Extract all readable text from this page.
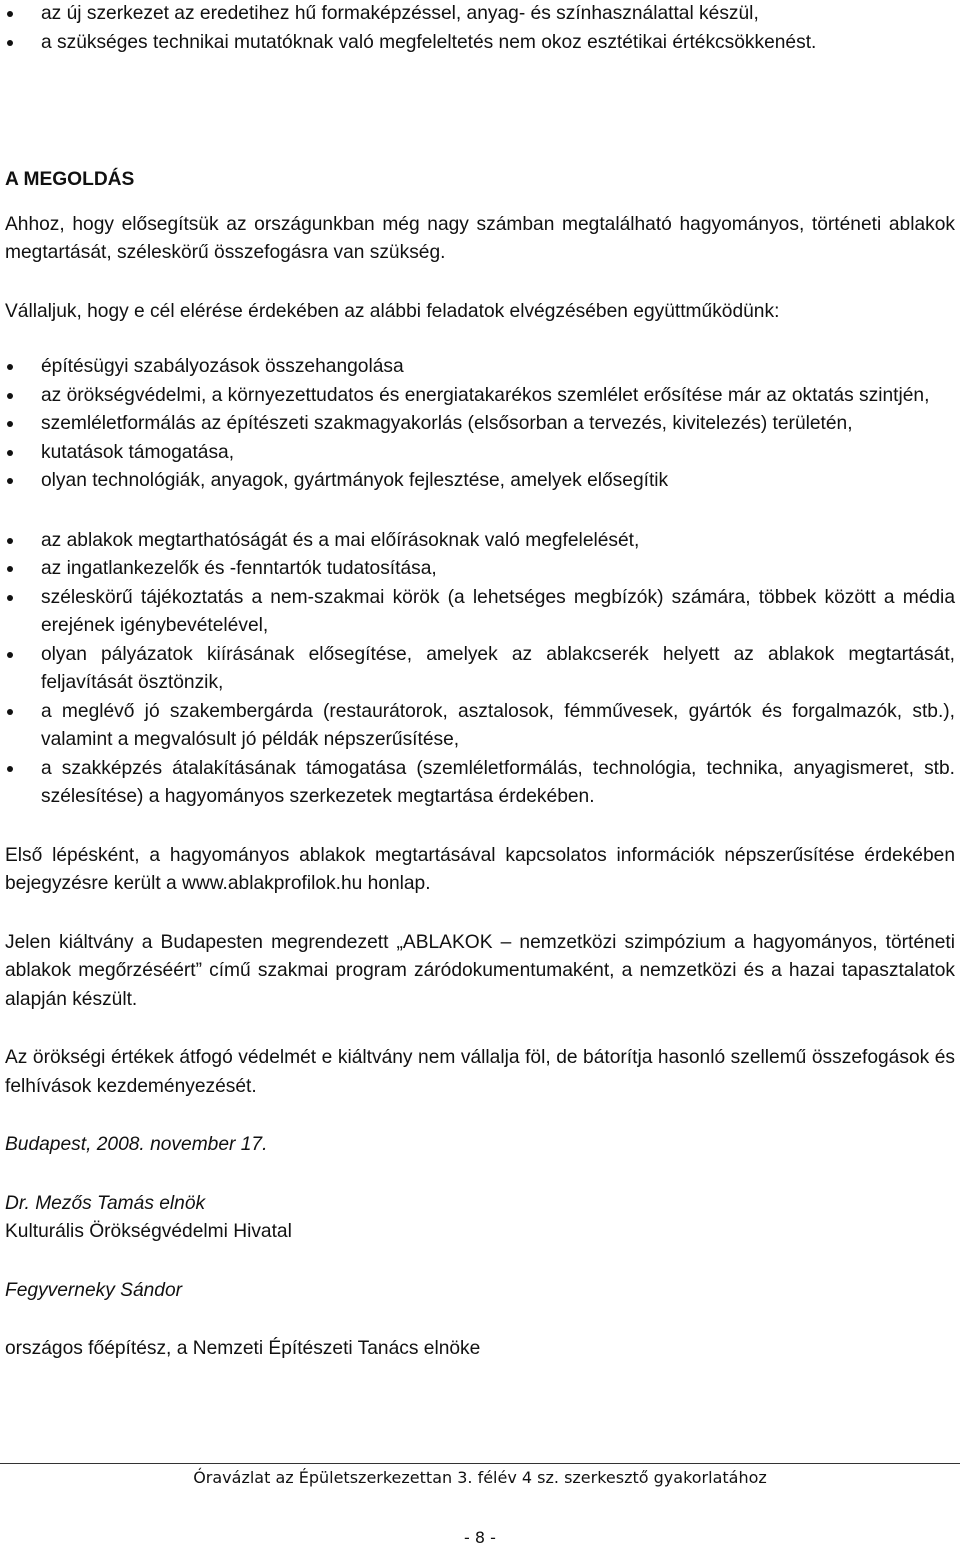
az új szerkezet az eredetihez hű formaképzéssel, anyag- és színhasználattal készül,
a szükséges technikai mutatóknak való megfeleltetés nem okoz esztétikai értékcsökkenést.

A MEGOLDÁS

Ahhoz, hogy elősegítsük az országunkban még nagy számban megtalálható hagyományos, történeti ablakok megtartását, széleskörű összefogásra van szükség.

Vállaljuk, hogy e cél elérése érdekében az alábbi feladatok elvégzésében együttműködünk:

építésügyi szabályozások összehangolása
az örökségvédelmi, a környezettudatos és energiatakarékos szemlélet erősítése már az oktatás szintjén,
szemléletformálás az építészeti szakmagyakorlás (elsősorban a tervezés, kivitelezés) területén,
kutatások támogatása,
olyan technológiák, anyagok, gyártmányok fejlesztése, amelyek elősegítik
az ablakok megtarthatóságát és a mai előírásoknak való megfelelését,
az ingatlankezelők és -fenntartók tudatosítása,
széleskörű tájékoztatás a nem-szakmai körök (a lehetséges megbízók) számára, többek között a média erejének igénybevételével,
olyan pályázatok kiírásának elősegítése, amelyek az ablakcserék helyett az ablakok megtartását, feljavítását ösztönzik,
a meglévő jó szakembergárda (restaurátorok, asztalosok, fémművesek, gyártók és forgalmazók, stb.), valamint a megvalósult jó példák népszerűsítése,
a szakképzés átalakításának támogatása (szemléletformálás, technológia, technika, anyagismeret, stb. szélesítése) a hagyományos szerkezetek megtartása érdekében.

Első lépésként, a hagyományos ablakok megtartásával kapcsolatos információk népszerűsítése érdekében bejegyzésre került a www.ablakprofilok.hu honlap.

Jelen kiáltvány a Budapesten megrendezett „ABLAKOK – nemzetközi szimpózium a hagyományos, történeti ablakok megőrzéséért” című szakmai program záródokumentumaként, a nemzetközi és a hazai tapasztalatok alapján készült.

Az örökségi értékek átfogó védelmét e kiáltvány nem vállalja föl, de bátorítja hasonló szellemű összefogások és felhívások kezdeményezését.

Budapest, 2008. november 17.

Dr. Mezős Tamás elnök

Kulturális Örökségvédelmi Hivatal

Fegyverneky Sándor

országos főépítész, a Nemzeti Építészeti Tanács elnöke

Óravázlat az Épületszerkezettan 3. félév 4 sz. szerkesztő gyakorlatához
- 8 -
